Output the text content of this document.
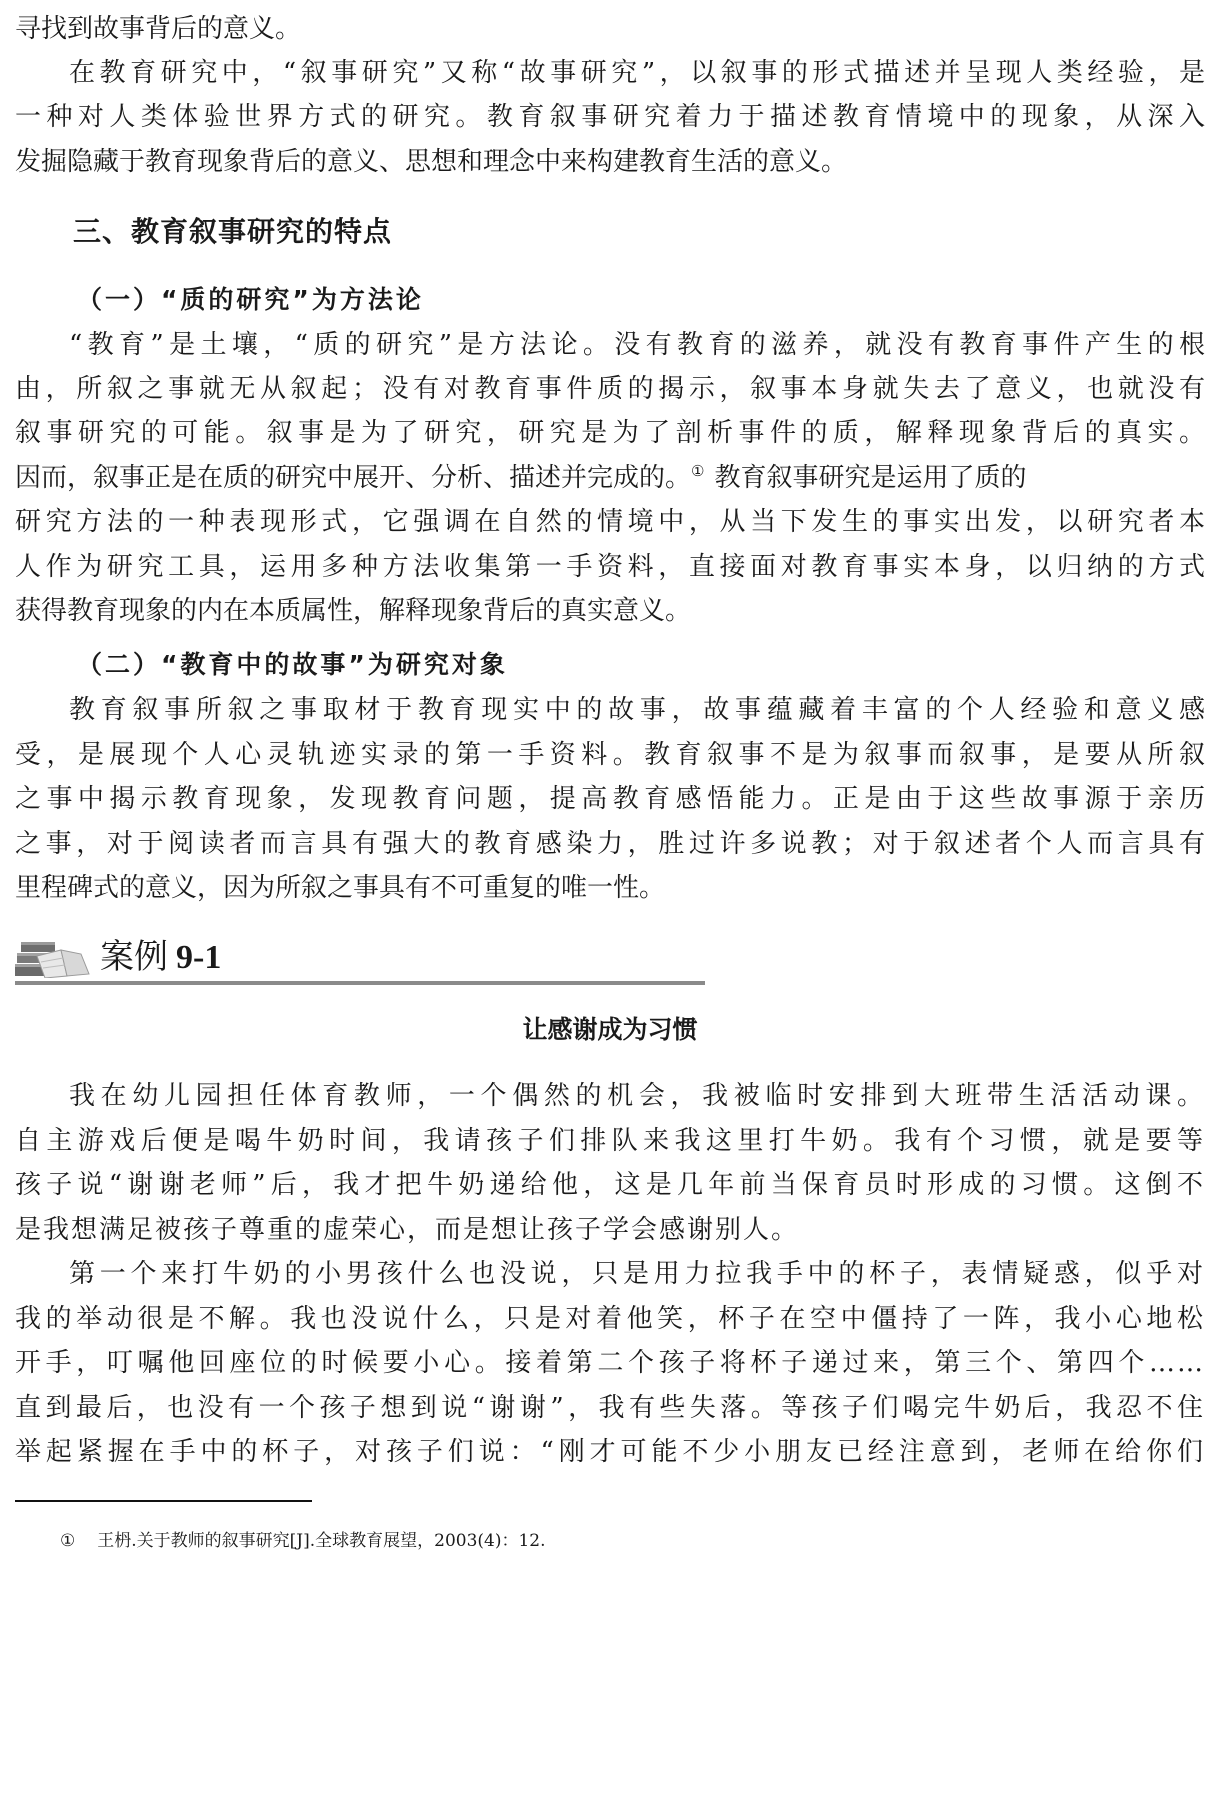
寻找到故事背后的意义。
在教育研究中，“叙事研究”又称“故事研究”，以叙事的形式描述并呈现人类经验，是
一种对人类体验世界方式的研究。教育叙事研究着力于描述教育情境中的现象，从深入
发掘隐藏于教育现象背后的意义、思想和理念中来构建教育生活的意义。
三、教育叙事研究的特点
（一）“质的研究”为方法论
“教育”是土壤，“质的研究”是方法论。没有教育的滋养，就没有教育事件产生的根
由，所叙之事就无从叙起；没有对教育事件质的揭示，叙事本身就失去了意义，也就没有
叙事研究的可能。叙事是为了研究，研究是为了剖析事件的质，解释现象背后的真实。
因而，叙事正是在质的研究中展开、分析、描述并完成的。① 教育叙事研究是运用了质的
研究方法的一种表现形式，它强调在自然的情境中，从当下发生的事实出发，以研究者本
人作为研究工具，运用多种方法收集第一手资料，直接面对教育事实本身，以归纳的方式
获得教育现象的内在本质属性，解释现象背后的真实意义。
（二）“教育中的故事”为研究对象
教育叙事所叙之事取材于教育现实中的故事，故事蕴藏着丰富的个人经验和意义感
受，是展现个人心灵轨迹实录的第一手资料。教育叙事不是为叙事而叙事，是要从所叙
之事中揭示教育现象，发现教育问题，提高教育感悟能力。正是由于这些故事源于亲历
之事，对于阅读者而言具有强大的教育感染力，胜过许多说教；对于叙述者个人而言具有
里程碑式的意义，因为所叙之事具有不可重复的唯一性。
案例 9-1
让感谢成为习惯
我在幼儿园担任体育教师，一个偶然的机会，我被临时安排到大班带生活活动课。
自主游戏后便是喝牛奶时间，我请孩子们排队来我这里打牛奶。我有个习惯，就是要等
孩子说“谢谢老师”后，我才把牛奶递给他，这是几年前当保育员时形成的习惯。这倒不
是我想满足被孩子尊重的虚荣心，而是想让孩子学会感谢别人。
第一个来打牛奶的小男孩什么也没说，只是用力拉我手中的杯子，表情疑惑，似乎对
我的举动很是不解。我也没说什么，只是对着他笑，杯子在空中僵持了一阵，我小心地松
开手，叮嘱他回座位的时候要小心。接着第二个孩子将杯子递过来，第三个、第四个……
直到最后，也没有一个孩子想到说“谢谢”，我有些失落。等孩子们喝完牛奶后，我忍不住
举起紧握在手中的杯子，对孩子们说：“刚才可能不少小朋友已经注意到，老师在给你们
① 王枬.关于教师的叙事研究[J].全球教育展望，2003(4)：12.
